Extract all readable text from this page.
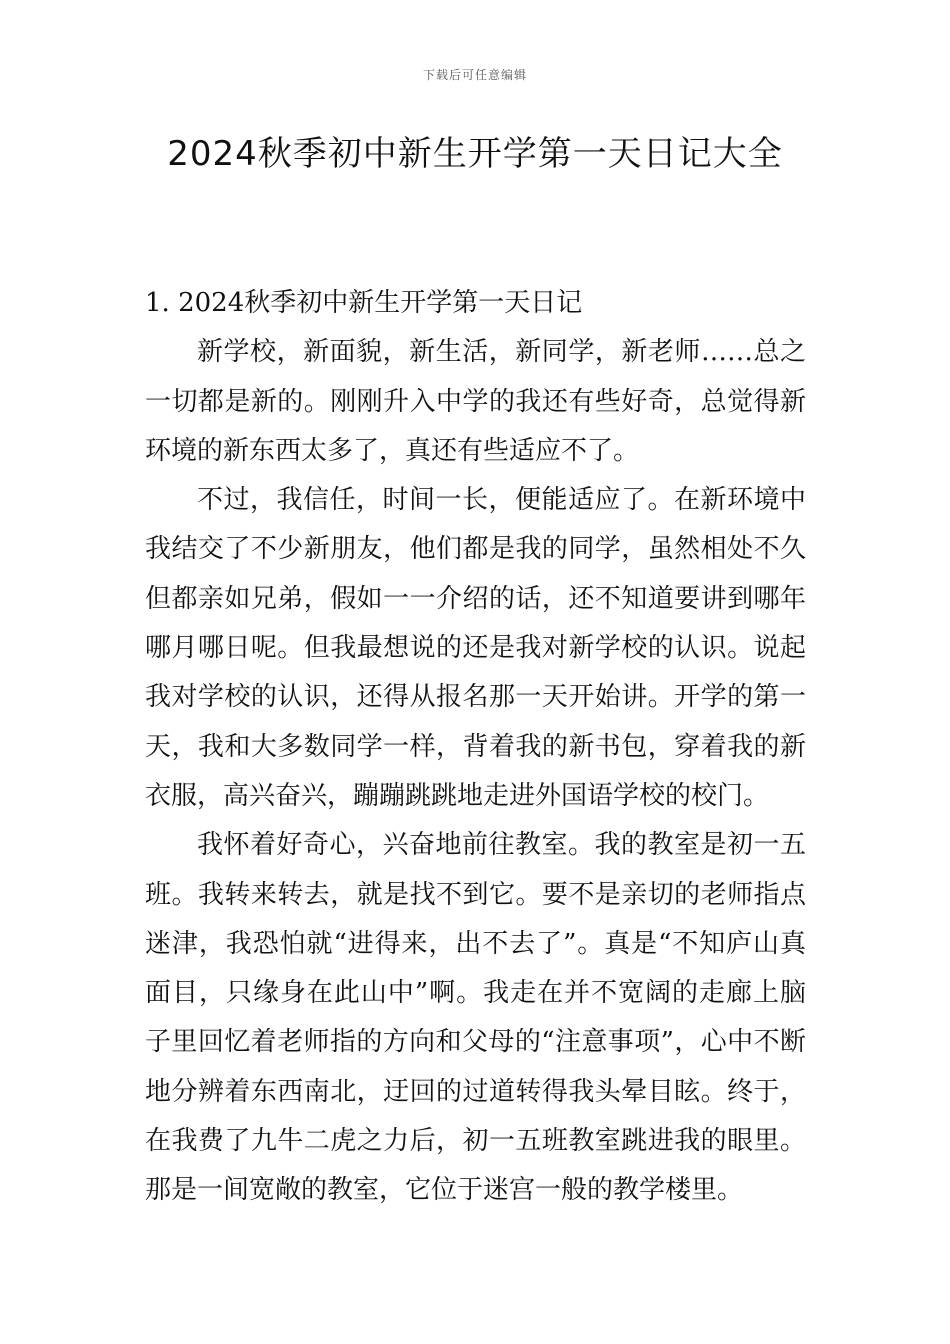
下载后可任意编辑
2024秋季初中新生开学第一天日记大全

1. 2024秋季初中新生开学第一天日记

新学校，新面貌，新生活，新同学，新老师……总之一切都是新的。刚刚升入中学的我还有些好奇，总觉得新环境的新东西太多了，真还有些适应不了。

不过，我信任，时间一长，便能适应了。在新环境中我结交了不少新朋友，他们都是我的同学，虽然相处不久但都亲如兄弟，假如一一介绍的话，还不知道要讲到哪年哪月哪日呢。但我最想说的还是我对新学校的认识。说起我对学校的认识，还得从报名那一天开始讲。开学的第一天，我和大多数同学一样，背着我的新书包，穿着我的新衣服，高兴奋兴，蹦蹦跳跳地走进外国语学校的校门。

我怀着好奇心，兴奋地前往教室。我的教室是初一五班。我转来转去，就是找不到它。要不是亲切的老师指点迷津，我恐怕就“进得来，出不去了”。真是“不知庐山真面目，只缘身在此山中”啊。我走在并不宽阔的走廊上脑子里回忆着老师指的方向和父母的“注意事项”，心中不断地分辨着东西南北，迂回的过道转得我头晕目眩。终于，在我费了九牛二虎之力后，初一五班教室跳进我的眼里。那是一间宽敞的教室，它位于迷宫一般的教学楼里。
